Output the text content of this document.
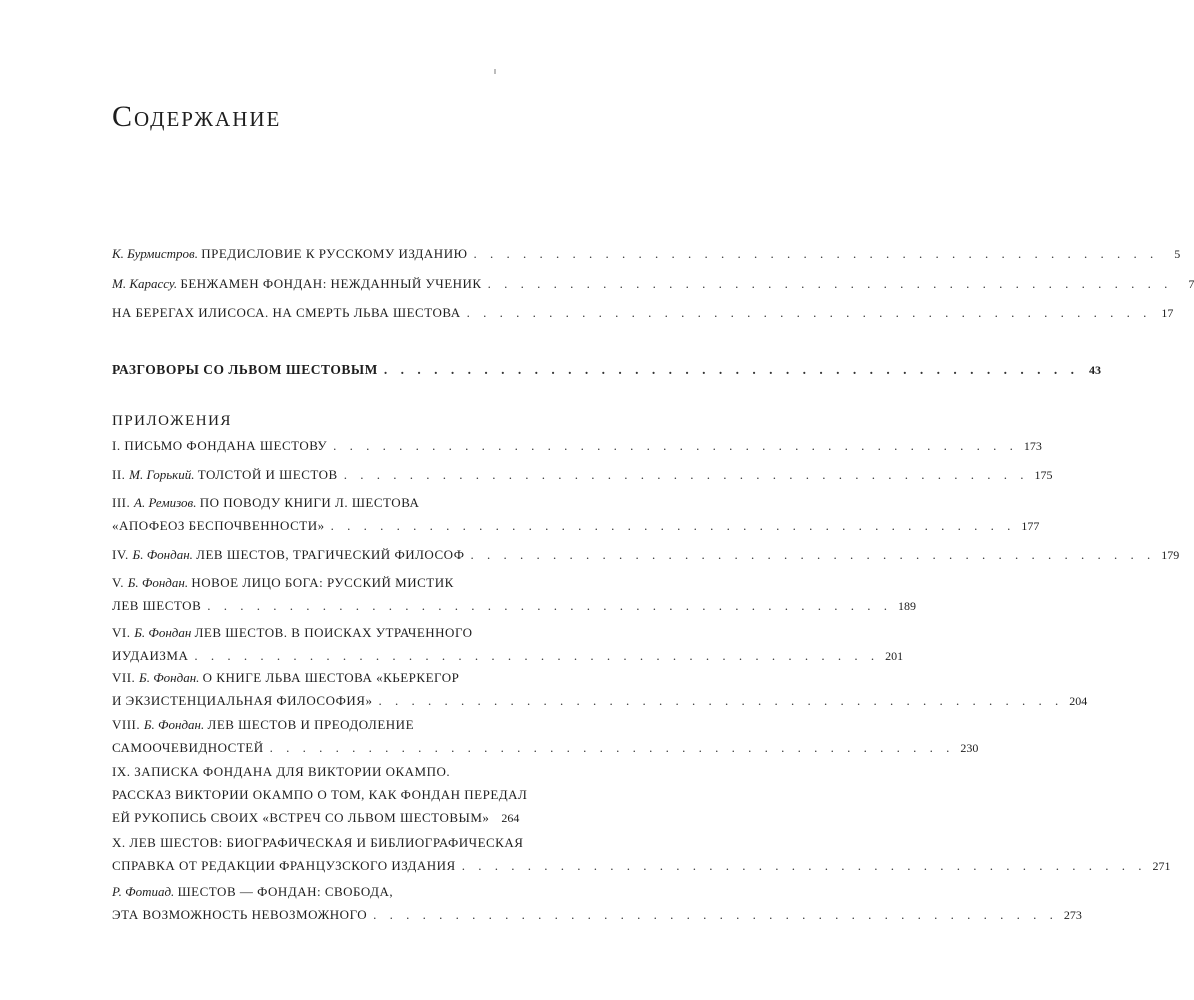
Содержание
К. Бурмистров. ПРЕДИСЛОВИЕ К РУССКОМУ ИЗДАНИЮ . . . . . . . . . . . . . . . . . . . . . . . . . . . . . . . . . . . . . . . . . .	5
М. Карассу. БЕНЖАМЕН ФОНДАН: НЕЖДАННЫЙ УЧЕНИК . . . . . . . . . . . . . . . . . . . . . . . . . . . . . . . . . . . . . . . . . .	7
НА БЕРЕГАХ ИЛИСОСА. НА СМЕРТЬ ЛЬВА ШЕСТОВА . . . . . . . . . . . . . . . . . . . . . . . . . . . . . . . . . . . . . . . . . . 17
РАЗГОВОРЫ СО ЛЬВОМ ШЕСТОВЫМ . . . . . . . . . . . . . . . . . . . . . . . . . . . . . . . . . . . . . . . . . . 43
ПРИЛОЖЕНИЯ
I. ПИСЬМО ФОНДАНА ШЕСТОВУ . . . . . . . . . . . . . . . . . . . . . . . . . . . . . . . . . . . . . . . . . . 173
II. М. Горький. ТОЛСТОЙ И ШЕСТОВ . . . . . . . . . . . . . . . . . . . . . . . . . . . . . . . . . . . . . . . . . . 175
III. А. Ремизов. ПО ПОВОДУ КНИГИ Л. ШЕСТОВА
«АПОФЕОЗ БЕСПОЧВЕННОСТИ» . . . . . . . . . . . . . . . . . . . . . . . . . . . . . . . . . . . . . . . . . . 177
IV. Б. Фондан. ЛЕВ ШЕСТОВ, ТРАГИЧЕСКИЙ ФИЛОСОФ . . . . . . . . . . . . . . . . . . . . . . . . . . . . . . . . . . . . . . . . . . 179
V. Б. Фондан. НОВОЕ ЛИЦО БОГА: РУССКИЙ МИСТИК
ЛЕВ ШЕСТОВ . . . . . . . . . . . . . . . . . . . . . . . . . . . . . . . . . . . . . . . . . . 189
VI. Б. Фондан ЛЕВ ШЕСТОВ. В ПОИСКАХ УТРАЧЕННОГО
ИУДАИЗМА . . . . . . . . . . . . . . . . . . . . . . . . . . . . . . . . . . . . . . . . . . 201
VII. Б. Фондан. О КНИГЕ ЛЬВА ШЕСТОВА «КЬЕРКЕГОР
И ЭКЗИСТЕНЦИАЛЬНАЯ ФИЛОСОФИЯ» . . . . . . . . . . . . . . . . . . . . . . . . . . . . . . . . . . . . . . . . . . 204
VIII. Б. Фондан. ЛЕВ ШЕСТОВ И ПРЕОДОЛЕНИЕ
САМООЧЕВИДНОСТЕЙ . . . . . . . . . . . . . . . . . . . . . . . . . . . . . . . . . . . . . . . . . . 230
IX. ЗАПИСКА ФОНДАНА ДЛЯ ВИКТОРИИ ОКАМПО.
РАССКАЗ ВИКТОРИИ ОКАМПО О ТОМ, КАК ФОНДАН ПЕРЕДАЛ
ЕЙ РУКОПИСЬ СВОИХ «ВСТРЕЧ СО ЛЬВОМ ШЕСТОВЫМ» 264
X. ЛЕВ ШЕСТОВ: БИОГРАФИЧЕСКАЯ И БИБЛИОГРАФИЧЕСКАЯ
СПРАВКА ОТ РЕДАКЦИИ ФРАНЦУЗСКОГО ИЗДАНИЯ . . . . . . . . . . . . . . . . . . . . . . . . . . . . . . . . . . . . . . . . . . 271
Р. Фотиад. ШЕСТОВ — ФОНДАН: СВОБОДА,
ЭТА ВОЗМОЖНОСТЬ НЕВОЗМОЖНОГО . . . . . . . . . . . . . . . . . . . . . . . . . . . . . . . . . . . . . . . . . . 273
